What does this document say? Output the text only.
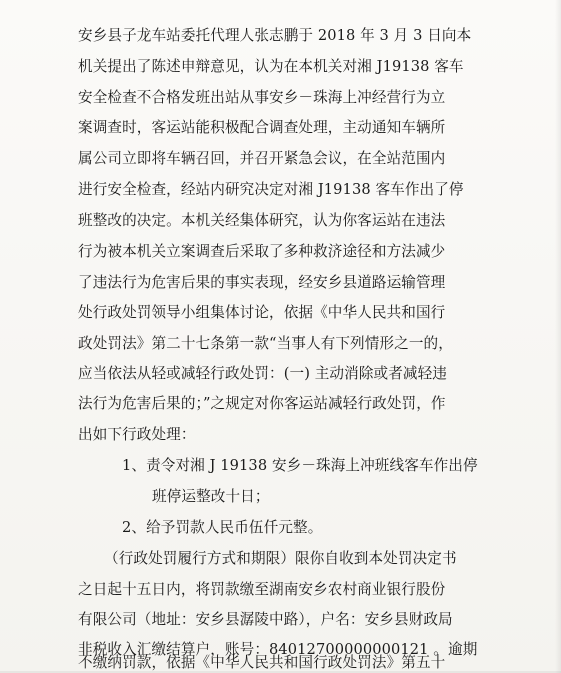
安乡县子龙车站委托代理人张志鹏于 2018 年 3 月 3 日向本
机关提出了陈述申辩意见，认为在本机关对湘 J19138 客车
安全检查不合格发班出站从事安乡－珠海上冲经营行为立
案调查时，客运站能积极配合调查处理，主动通知车辆所
属公司立即将车辆召回，并召开紧急会议，在全站范围内
进行安全检查，经站内研究决定对湘 J19138 客车作出了停
班整改的决定。本机关经集体研究，认为你客运站在违法
行为被本机关立案调查后采取了多种救济途径和方法减少
了违法行为危害后果的事实表现，经安乡县道路运输管理
处行政处罚领导小组集体讨论，依据《中华人民共和国行
政处罚法》第二十七条第一款“当事人有下列情形之一的，
应当依法从轻或减轻行政处罚：(一) 主动消除或者减轻违
法行为危害后果的；”之规定对你客运站减轻行政处罚，作
出如下行政处理：
1、责令对湘 J 19138 安乡－珠海上冲班线客车作出停
班停运整改十日；
2、给予罚款人民币伍仟元整。
（行政处罚履行方式和期限）限你自收到本处罚决定书
之日起十五日内，将罚款缴至湖南安乡农村商业银行股份
有限公司（地址：安乡县潺陵中路），户名：安乡县财政局
非税收入汇缴结算户，账号：84012700000000121 。逾期
不缴纳罚款，依据《中华人民共和国行政处罚法》第五十
